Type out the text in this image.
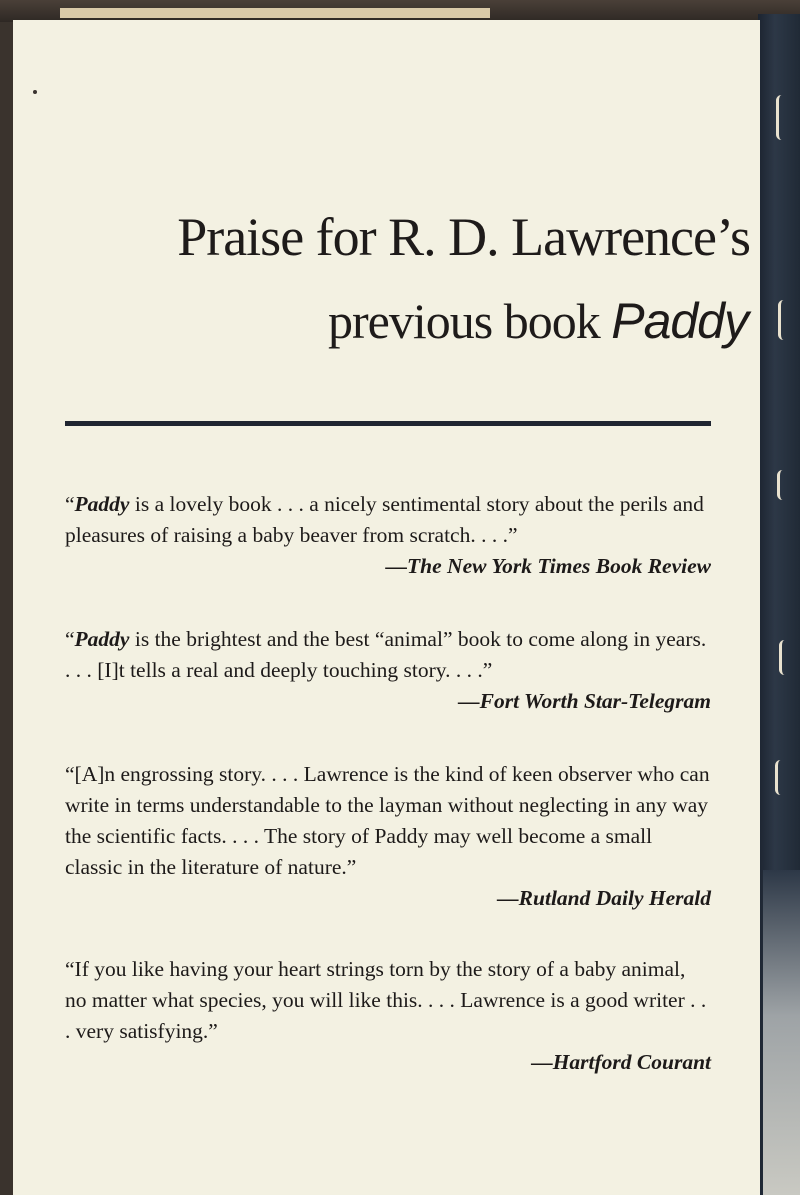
Praise for R. D. Lawrence’s
previous book Paddy
“Paddy is a lovely book . . . a nicely sentimental story about the perils and pleasures of raising a baby beaver from scratch. . . .”
—The New York Times Book Review
“Paddy is the brightest and the best “animal” book to come along in years. . . . [I]t tells a real and deeply touching story. . . .”
—Fort Worth Star-Telegram
“[A]n engrossing story. . . . Lawrence is the kind of keen observer who can write in terms understandable to the layman without neglecting in any way the scientific facts. . . . The story of Paddy may well become a small classic in the literature of nature.”
—Rutland Daily Herald
“If you like having your heart strings torn by the story of a baby animal, no matter what species, you will like this. . . . Lawrence is a good writer . . . very satisfying.”
—Hartford Courant
